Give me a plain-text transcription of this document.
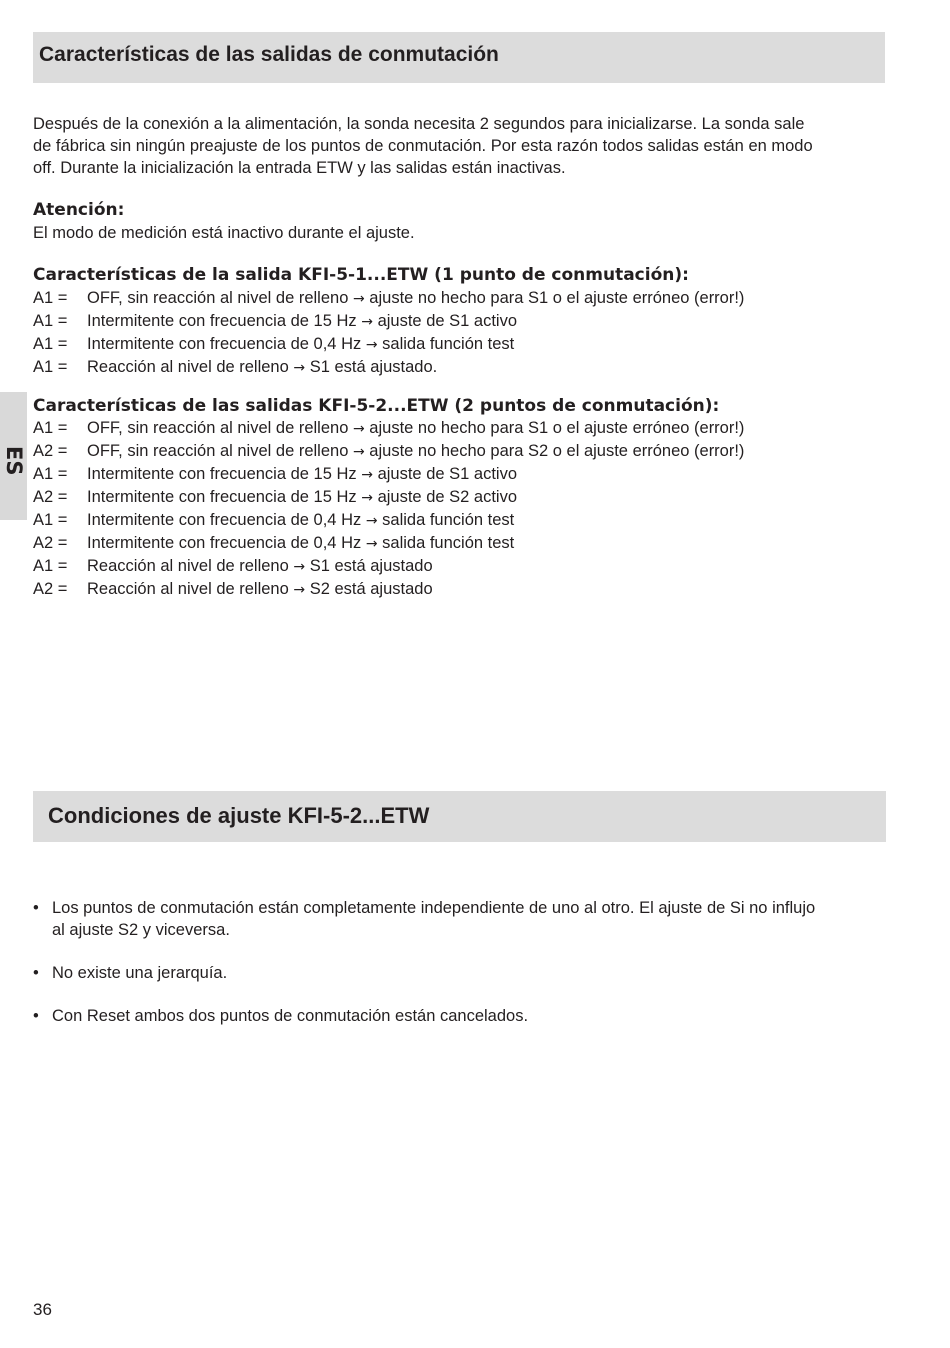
Características de las salidas de conmutación
Después de la conexión a la alimentación, la sonda necesita 2 segundos para inicializarse. La sonda sale
de fábrica sin ningún preajuste de los puntos de conmutación. Por esta razón todos salidas están en modo
off. Durante la inicialización la entrada ETW y las salidas están inactivas.
Atención:
El modo de medición está inactivo durante el ajuste.
Características de la salida KFI-5-1...ETW (1 punto de conmutación):
A1 =	OFF, sin reacción al nivel de relleno → ajuste no hecho para S1 o el ajuste erróneo (error!)
A1 =	Intermitente con frecuencia de 15 Hz → ajuste de S1 activo
A1 =	Intermitente con frecuencia de 0,4 Hz → salida función test
A1 =	Reacción al nivel de relleno → S1 está ajustado.
Características de las salidas KFI-5-2...ETW (2 puntos de conmutación):
A1 =	OFF, sin reacción al nivel de relleno → ajuste no hecho para S1 o el ajuste erróneo (error!)
A2 =	OFF, sin reacción al nivel de relleno → ajuste no hecho para S2 o el ajuste erróneo (error!)
A1 =	Intermitente con frecuencia de 15 Hz → ajuste de S1 activo
A2 =	Intermitente con frecuencia de 15 Hz → ajuste de S2 activo
A1 =	Intermitente con frecuencia de 0,4 Hz → salida función test
A2 =	Intermitente con frecuencia de 0,4 Hz → salida función test
A1 =	Reacción al nivel de relleno → S1 está ajustado
A2 =	Reacción al nivel de relleno → S2 está ajustado
ES
Condiciones de ajuste KFI-5-2...ETW
• Los puntos de conmutación están completamente independiente de uno al otro. El ajuste de Si no influjo
al ajuste S2 y viceversa.
• No existe una jerarquía.
• Con Reset ambos dos puntos de conmutación están cancelados.
36
